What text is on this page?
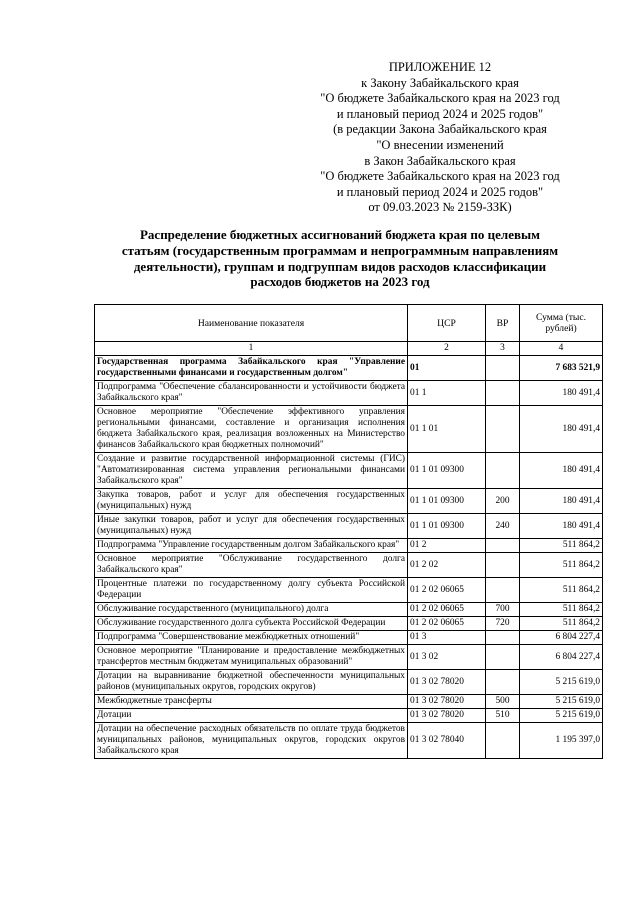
ПРИЛОЖЕНИЕ 12
к Закону Забайкальского края
"О бюджете Забайкальского края на 2023 год
и плановый период 2024 и 2025 годов"
(в редакции Закона Забайкальского края
"О внесении изменений
в Закон Забайкальского края
"О бюджете Забайкальского края на 2023 год
и плановый период 2024 и 2025 годов"
от 09.03.2023 № 2159-ЗЗК)
Распределение бюджетных ассигнований бюджета края по целевым
статьям (государственным программам и непрограммным направлениям
деятельности), группам и подгруппам видов расходов классификации
расходов бюджетов на 2023 год
Наименование показателя	ЦСР	ВР	Сумма (тыс. рублей)
1	2	3	4
Государственная программа Забайкальского края "Управление государственными финансами и государственным долгом"	01		7 683 521,9
Подпрограмма "Обеспечение сбалансированности и устойчивости бюджета Забайкальского края"	01 1		180 491,4
Основное мероприятие "Обеспечение эффективного управления региональными финансами, составление и организация исполнения бюджета Забайкальского края, реализация возложенных на Министерство финансов Забайкальского края бюджетных полномочий"	01 1 01		180 491,4
Создание и развитие государственной информационной системы (ГИС) "Автоматизированная система управления региональными финансами Забайкальского края"	01 1 01 09300		180 491,4
Закупка товаров, работ и услуг для обеспечения государственных (муниципальных) нужд	01 1 01 09300	200	180 491,4
Иные закупки товаров, работ и услуг для обеспечения государственных (муниципальных) нужд	01 1 01 09300	240	180 491,4
Подпрограмма "Управление государственным долгом Забайкальского края"	01 2		511 864,2
Основное мероприятие "Обслуживание государственного долга Забайкальского края"	01 2 02		511 864,2
Процентные платежи по государственному долгу субъекта Российской Федерации	01 2 02 06065		511 864,2
Обслуживание государственного (муниципального) долга	01 2 02 06065	700	511 864,2
Обслуживание государственного долга субъекта Российской Федерации	01 2 02 06065	720	511 864,2
Подпрограмма "Совершенствование межбюджетных отношений"	01 3		6 804 227,4
Основное мероприятие "Планирование и предоставление межбюджетных трансфертов местным бюджетам муниципальных образований"	01 3 02		6 804 227,4
Дотации на выравнивание бюджетной обеспеченности муниципальных районов (муниципальных округов, городских округов)	01 3 02 78020		5 215 619,0
Межбюджетные трансферты	01 3 02 78020	500	5 215 619,0
Дотации	01 3 02 78020	510	5 215 619,0
Дотации на обеспечение расходных обязательств по оплате труда бюджетов муниципальных районов, муниципальных округов, городских округов Забайкальского края	01 3 02 78040		1 195 397,0
